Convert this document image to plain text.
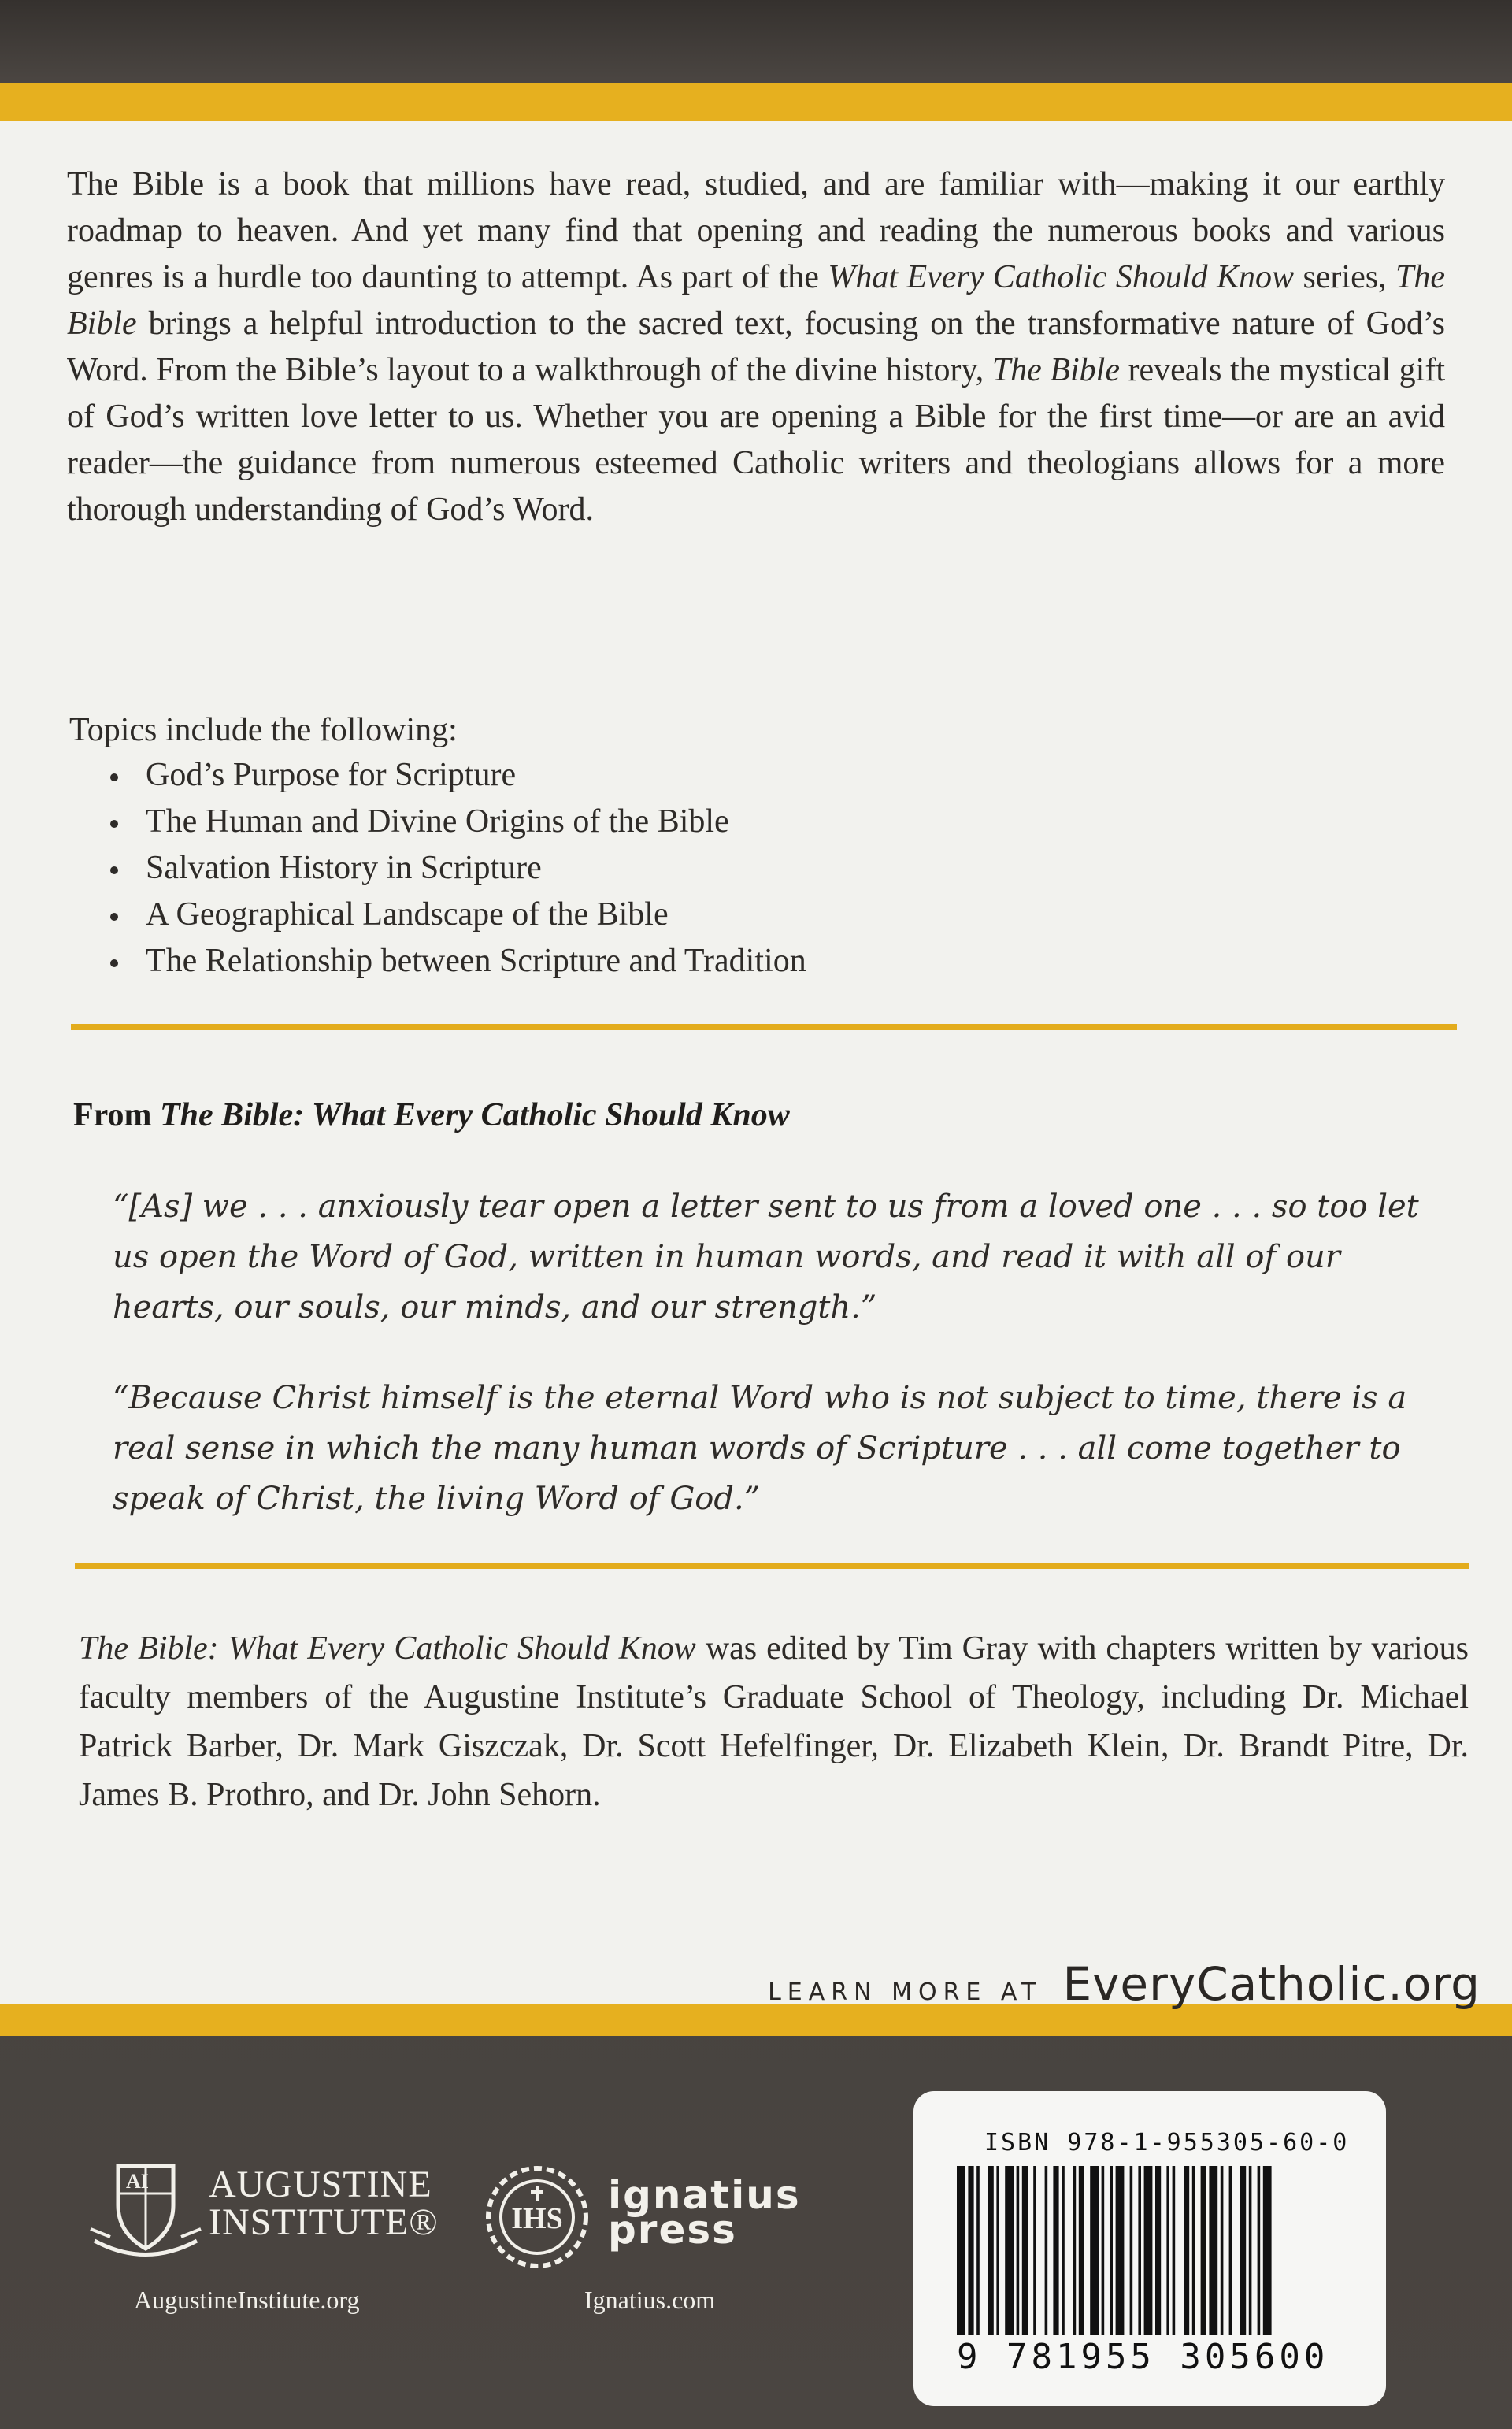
The Bible is a book that millions have read, studied, and are familiar with—making it our earthly roadmap to heaven. And yet many find that opening and reading the numerous books and various genres is a hurdle too daunting to attempt. As part of the What Every Catholic Should Know series, The Bible brings a helpful introduction to the sacred text, focusing on the transformative nature of God’s Word. From the Bible’s layout to a walkthrough of the divine history, The Bible reveals the mystical gift of God’s written love letter to us. Whether you are opening a Bible for the first time—or are an avid reader—the guidance from numerous esteemed Catholic writers and theologians allows for a more thorough understanding of God’s Word.
Topics include the following:
God’s Purpose for Scripture
The Human and Divine Origins of the Bible
Salvation History in Scripture
A Geographical Landscape of the Bible
The Relationship between Scripture and Tradition
From The Bible: What Every Catholic Should Know
“[As] we . . . anxiously tear open a letter sent to us from a loved one . . . so too let us open the Word of God, written in human words, and read it with all of our hearts, our souls, our minds, and our strength.”
“Because Christ himself is the eternal Word who is not subject to time, there is a real sense in which the many human words of Scripture . . . all come together to speak of Christ, the living Word of God.”
The Bible: What Every Catholic Should Know was edited by Tim Gray with chapters written by various faculty members of the Augustine Institute’s Graduate School of Theology, including Dr. Michael Patrick Barber, Dr. Mark Giszczak, Dr. Scott Hefelfinger, Dr. Elizabeth Klein, Dr. Brandt Pitre, Dr. James B. Prothro, and Dr. John Sehorn.
LEARN MORE AT EveryCatholic.org
AI AUGUSTINE
INSTITUTE®
AugustineInstitute.org
IHS
ignatius
press
Ignatius.com
ISBN 978-1-955305-60-0
9 781955 305600
